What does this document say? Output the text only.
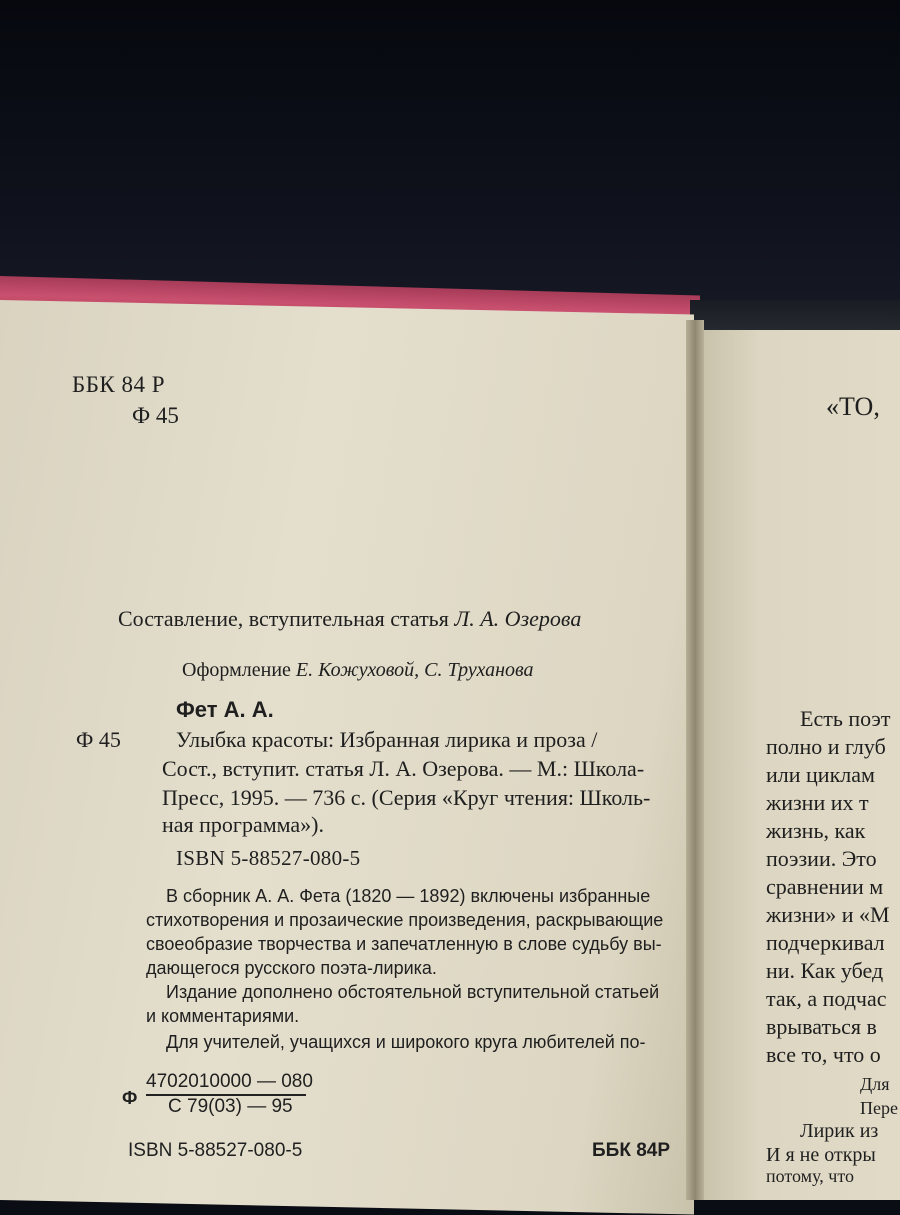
ББК 84 Р
Ф 45
Составление, вступительная статья Л. А. Озерова
Оформление Е. Кожуховой, С. Труханова
Фет А. А.
Ф 45	Улыбка красоты: Избранная лирика и проза /
Сост., вступит. статья Л. А. Озерова. — М.: Школа-
Пресс, 1995. — 736 с. (Серия «Круг чтения: Школь-
ная программа»).
ISBN 5-88527-080-5
В сборник А. А. Фета (1820 — 1892) включены избранные
стихотворения и прозаические произведения, раскрывающие
своеобразие творчества и запечатленную в слове судьбу вы-
дающегося русского поэта-лирика.
Издание дополнено обстоятельной вступительной статьей
и комментариями.
Ф
4702010000 — 080
С 79(03) — 95
Для учителей, учащихся и широкого круга любителей по-
ISBN 5-88527-080-5	ББК 84Р
«ТО,
Есть поэт
полно и глуб
или циклам
жизни их т
жизнь, как
поэзии. Это
сравнении м
жизни» и «М
подчеркивал
ни. Как убед
так, а подчас
врываться в
все то, что о
Для
Пере
Лирик из
И я не откры
потому, что
